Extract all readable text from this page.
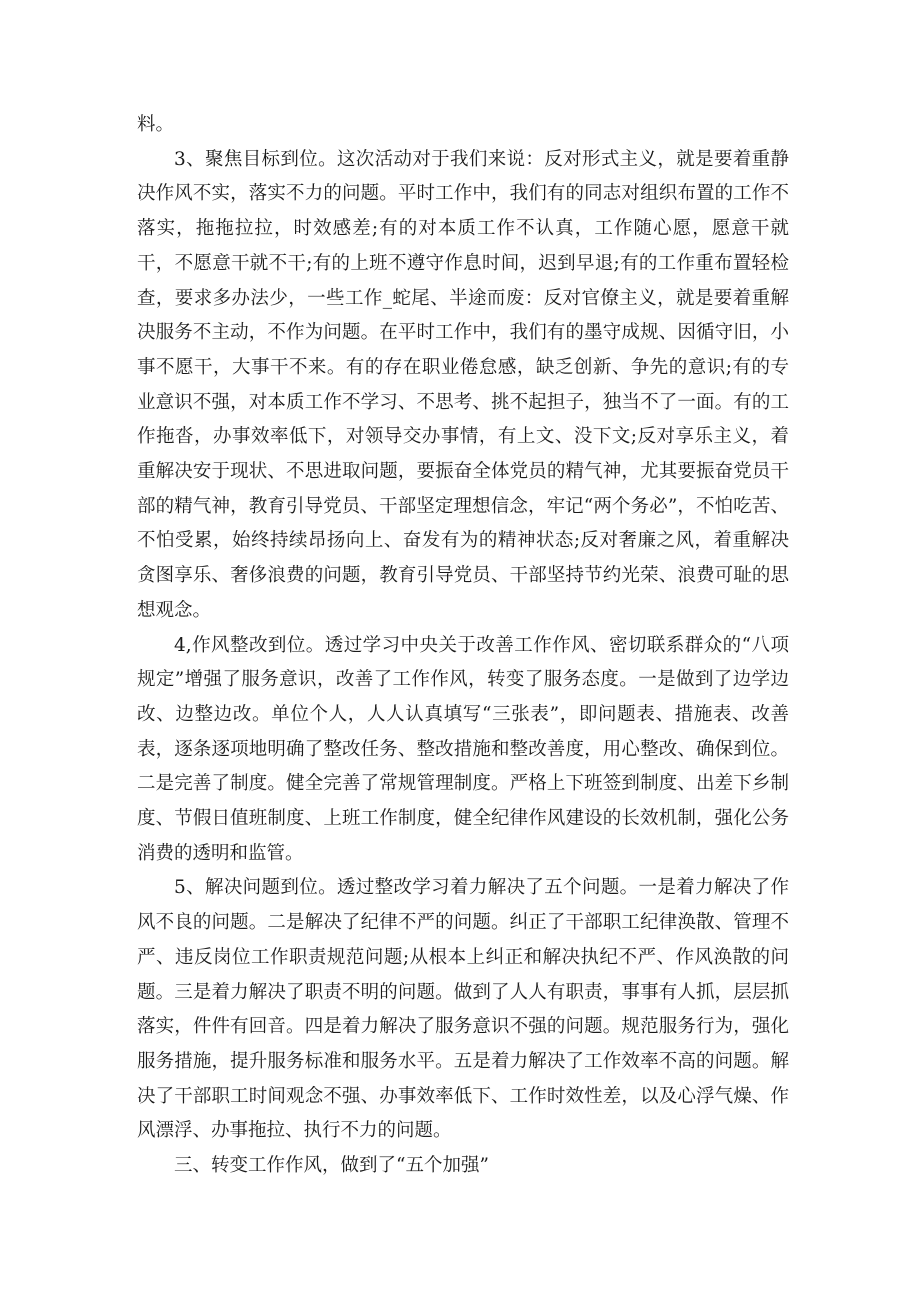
料。

3、聚焦目标到位。这次活动对于我们来说：反对形式主义，就是要着重静决作风不实，落实不力的问题。平时工作中，我们有的同志对组织布置的工作不落实，拖拖拉拉，时效感差;有的对本质工作不认真，工作随心愿，愿意干就干，不愿意干就不干;有的上班不遵守作息时间，迟到早退;有的工作重布置轻检查，要求多办法少，一些工作_蛇尾、半途而废：反对官僚主义，就是要着重解决服务不主动，不作为问题。在平时工作中，我们有的墨守成规、因循守旧，小事不愿干，大事干不来。有的存在职业倦怠感，缺乏创新、争先的意识;有的专业意识不强，对本质工作不学习、不思考、挑不起担子，独当不了一面。有的工作拖沓，办事效率低下，对领导交办事情，有上文、没下文;反对享乐主义，着重解决安于现状、不思进取问题，要振奋全体党员的精气神，尤其要振奋党员干部的精气神，教育引导党员、干部坚定理想信念，牢记“两个务必”，不怕吃苦、不怕受累，始终持续昂扬向上、奋发有为的精神状态;反对奢廉之风，着重解决贪图享乐、奢侈浪费的问题，教育引导党员、干部坚持节约光荣、浪费可耻的思想观念。

4,作风整改到位。透过学习中央关于改善工作作风、密切联系群众的“八项规定”增强了服务意识，改善了工作作风，转变了服务态度。一是做到了边学边改、边整边改。单位个人，人人认真填写“三张表”，即问题表、措施表、改善表，逐条逐项地明确了整改任务、整改措施和整改善度，用心整改、确保到位。二是完善了制度。健全完善了常规管理制度。严格上下班签到制度、出差下乡制度、节假日值班制度、上班工作制度，健全纪律作风建设的长效机制，强化公务消费的透明和监管。

5、解决问题到位。透过整改学习着力解决了五个问题。一是着力解决了作风不良的问题。二是解决了纪律不严的问题。纠正了干部职工纪律涣散、管理不严、违反岗位工作职责规范问题;从根本上纠正和解决执纪不严、作风涣散的问题。三是着力解决了职责不明的问题。做到了人人有职责，事事有人抓，层层抓落实，件件有回音。四是着力解决了服务意识不强的问题。规范服务行为，强化服务措施，提升服务标准和服务水平。五是着力解决了工作效率不高的问题。解决了干部职工时间观念不强、办事效率低下、工作时效性差，以及心浮气燥、作风漂浮、办事拖拉、执行不力的问题。

三、转变工作作风，做到了“五个加强”
